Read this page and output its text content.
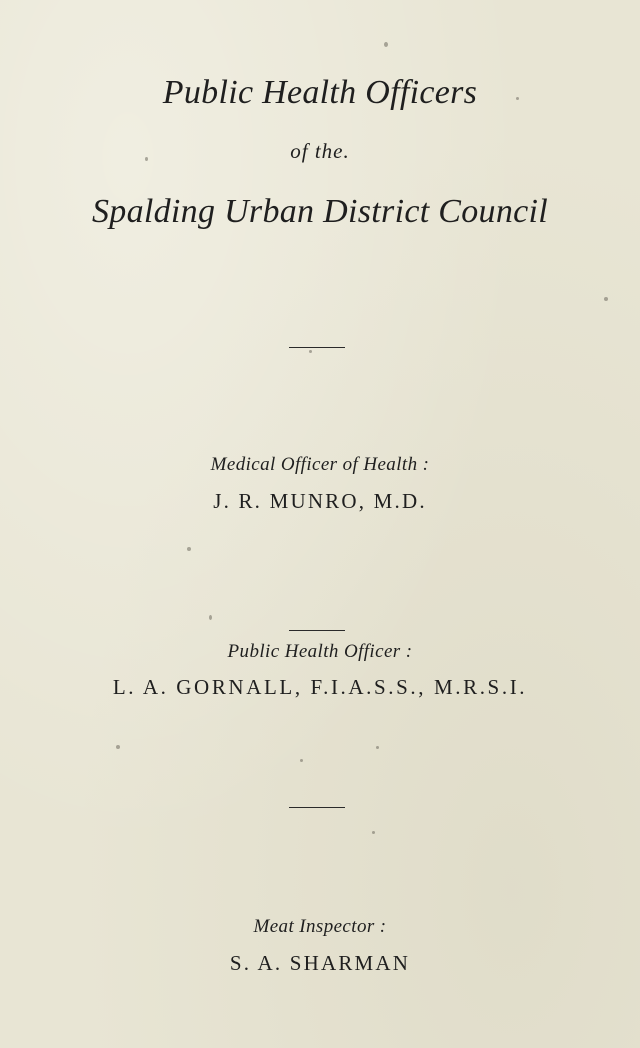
Public Health Officers
of the.
Spalding Urban District Council
Medical Officer of Health :
J. R. MUNRO, M.D.
Public Health Officer :
L. A. GORNALL, F.I.A.S.S., M.R.S.I.
Meat Inspector :
S. A. SHARMAN
